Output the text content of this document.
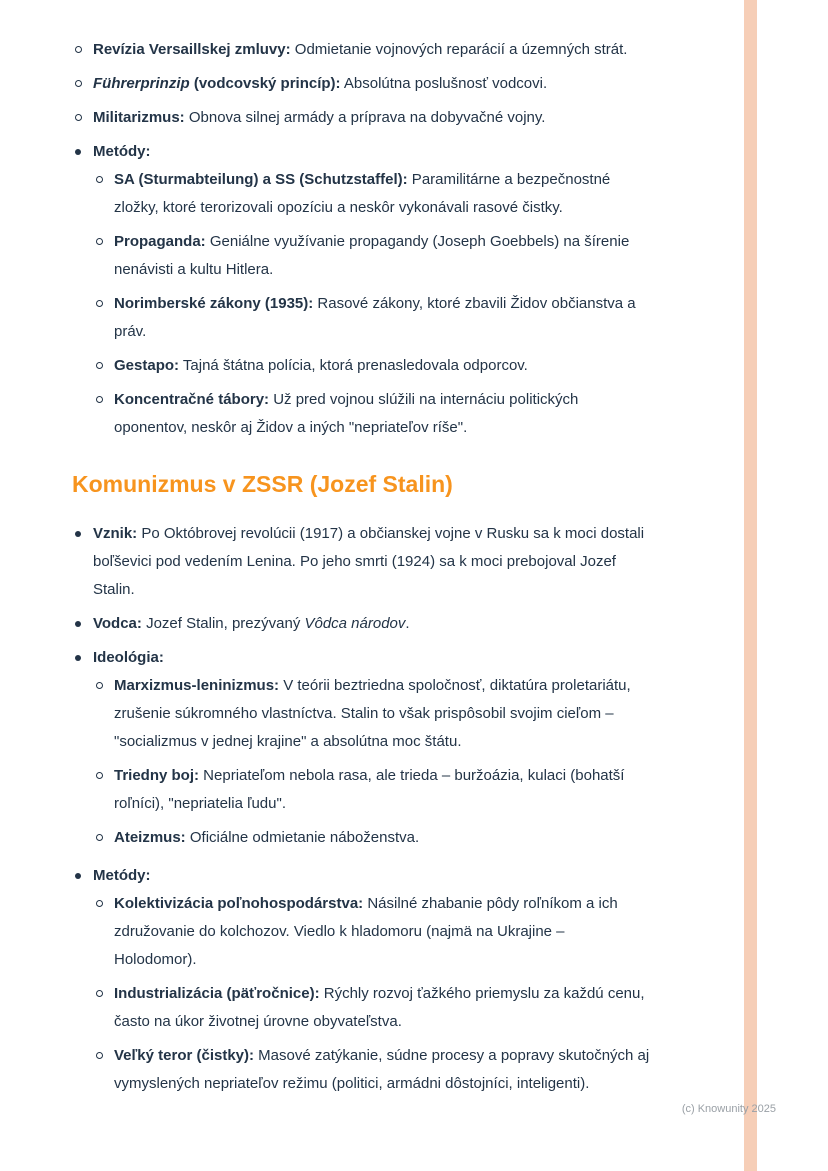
Revízia Versaillskej zmluvy: Odmietanie vojnových reparácií a územných strát.
Führerprinzip (vodcovský princíp): Absolútna poslušnosť vodcovi.
Militarizmus: Obnova silnej armády a príprava na dobyvačné vojny.
Metódy:
SA (Sturmabteilung) a SS (Schutzstaffel): Paramilitárne a bezpečnostné zložky, ktoré terorizovali opozíciu a neskôr vykonávali rasové čistky.
Propaganda: Geniálne využívanie propagandy (Joseph Goebbels) na šírenie nenávisti a kultu Hitlera.
Norimberské zákony (1935): Rasové zákony, ktoré zbavili Židov občianstva a práv.
Gestapo: Tajná štátna polícia, ktorá prenasledovala odporcov.
Koncentračné tábory: Už pred vojnou slúžili na internáciu politických oponentov, neskôr aj Židov a iných "nepriateľov ríše".
Komunizmus v ZSSR (Jozef Stalin)
Vznik: Po Októbrovej revolúcii (1917) a občianskej vojne v Rusku sa k moci dostali boľševici pod vedením Lenina. Po jeho smrti (1924) sa k moci prebojoval Jozef Stalin.
Vodca: Jozef Stalin, prezývaný Vôdca národov.
Ideológia:
Marxizmus-leninizmus: V teórii beztriedna spoločnosť, diktatúra proletariátu, zrušenie súkromného vlastníctva. Stalin to však prispôsobil svojim cieľom – "socializmus v jednej krajine" a absolútna moc štátu.
Triedny boj: Nepriateľom nebola rasa, ale trieda – buržoázia, kulaci (bohatší roľníci), "nepriatelia ľudu".
Ateizmus: Oficiálne odmietanie náboženstva.
Metódy:
Kolektivizácia poľnohospodárstva: Násilné zhabanie pôdy roľníkom a ich združovanie do kolchozov. Viedlo k hladomoru (najmä na Ukrajine – Holodomor).
Industrializácia (päťročnice): Rýchly rozvoj ťažkého priemyslu za každú cenu, často na úkor životnej úrovne obyvateľstva.
Veľký teror (čistky): Masové zatýkanie, súdne procesy a popravy skutočných aj vymyslených nepriateľov režimu (politici, armádni dôstojníci, inteligenti).
(c) Knowunity 2025
